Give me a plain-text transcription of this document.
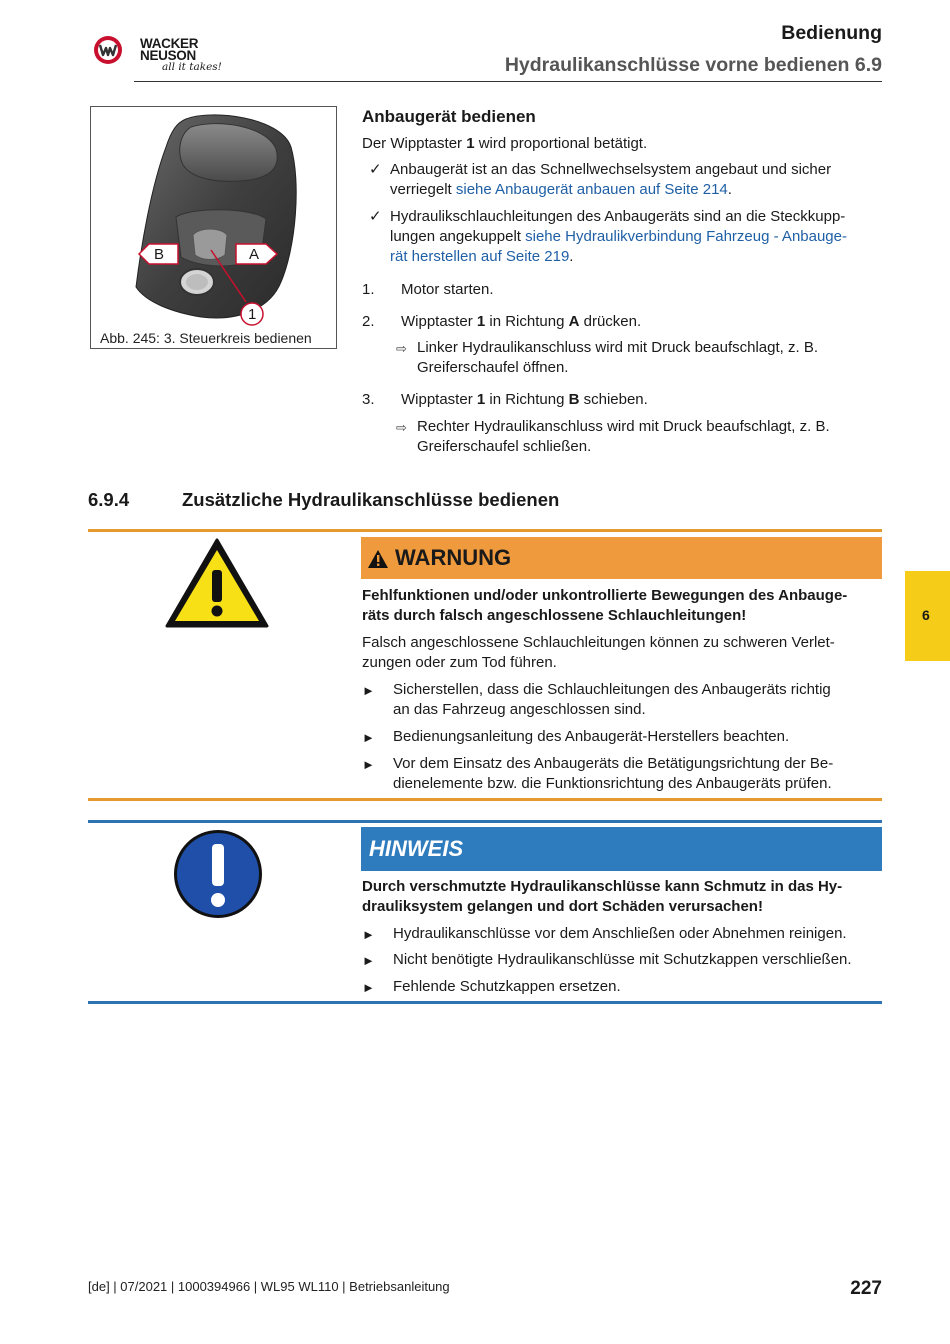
WACKER
NEUSON
all it takes!
Bedienung
Hydraulikanschlüsse vorne bedienen 6.9
B	A
1
Abb. 245: 3. Steuerkreis bedienen
Anbaugerät bedienen
Der Wipptaster 1 wird proportional betätigt.
✓ Anbaugerät ist an das Schnellwechselsystem angebaut und sicher
verriegelt siehe Anbaugerät anbauen auf Seite 214.
✓ Hydraulikschlauchleitungen des Anbaugeräts sind an die Steckkupp-
lungen angekuppelt siehe Hydraulikverbindung Fahrzeug - Anbauge-
rät herstellen auf Seite 219.
1. Motor starten.
2. Wipptaster 1 in Richtung A drücken.
⇨ Linker Hydraulikanschluss wird mit Druck beaufschlagt, z. B.
Greiferschaufel öffnen.
3. Wipptaster 1 in Richtung B schieben.
⇨ Rechter Hydraulikanschluss wird mit Druck beaufschlagt, z. B.
Greiferschaufel schließen.
6.9.4	Zusätzliche Hydraulikanschlüsse bedienen
WARNUNG
Fehlfunktionen und/oder unkontrollierte Bewegungen des Anbauge-
räts durch falsch angeschlossene Schlauchleitungen!
Falsch angeschlossene Schlauchleitungen können zu schweren Verlet-
zungen oder zum Tod führen.
► Sicherstellen, dass die Schlauchleitungen des Anbaugeräts richtig
an das Fahrzeug angeschlossen sind.
► Bedienungsanleitung des Anbaugerät-Herstellers beachten.
► Vor dem Einsatz des Anbaugeräts die Betätigungsrichtung der Be-
dienelemente bzw. die Funktionsrichtung des Anbaugeräts prüfen.
HINWEIS
Durch verschmutzte Hydraulikanschlüsse kann Schmutz in das Hy-
drauliksystem gelangen und dort Schäden verursachen!
► Hydraulikanschlüsse vor dem Anschließen oder Abnehmen reinigen.
► Nicht benötigte Hydraulikanschlüsse mit Schutzkappen verschließen.
► Fehlende Schutzkappen ersetzen.
6
[de] | 07/2021 | 1000394966 | WL95 WL110 | Betriebsanleitung	227
